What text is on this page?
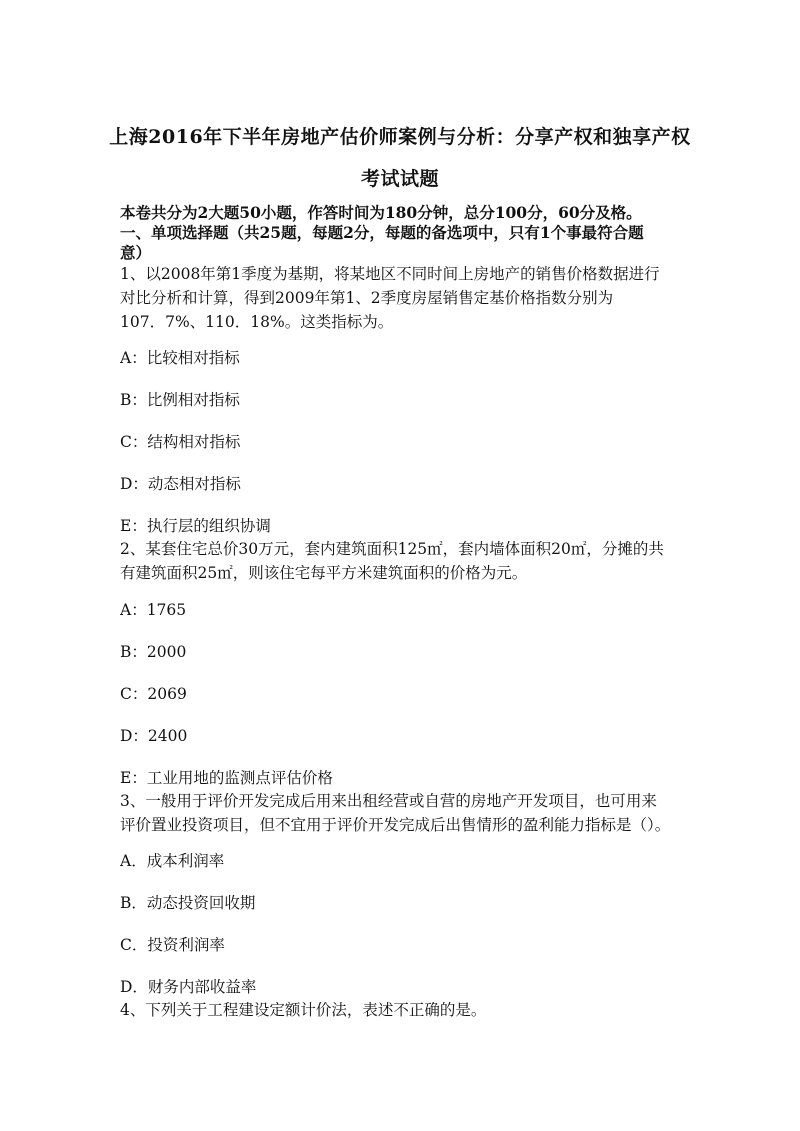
上海2016年下半年房地产估价师案例与分析：分享产权和独享产权
考试试题
本卷共分为2大题50小题，作答时间为180分钟，总分100分，60分及格。
一、单项选择题（共25题，每题2分，每题的备选项中，只有1个事最符合题
意）
1、以2008年第1季度为基期，将某地区不同时间上房地产的销售价格数据进行
对比分析和计算，得到2009年第1、2季度房屋销售定基价格指数分别为
107．7%、110．18%。这类指标为。
A：比较相对指标
B：比例相对指标
C：结构相对指标
D：动态相对指标
E：执行层的组织协调
2、某套住宅总价30万元，套内建筑面积125㎡，套内墙体面积20㎡，分摊的共
有建筑面积25㎡，则该住宅每平方米建筑面积的价格为元。
A：1765
B：2000
C：2069
D：2400
E：工业用地的监测点评估价格
3、一般用于评价开发完成后用来出租经营或自营的房地产开发项目，也可用来
评价置业投资项目，但不宜用于评价开发完成后出售情形的盈利能力指标是（）。
A．成本利润率
B．动态投资回收期
C．投资利润率
D．财务内部收益率
4、下列关于工程建设定额计价法，表述不正确的是。
